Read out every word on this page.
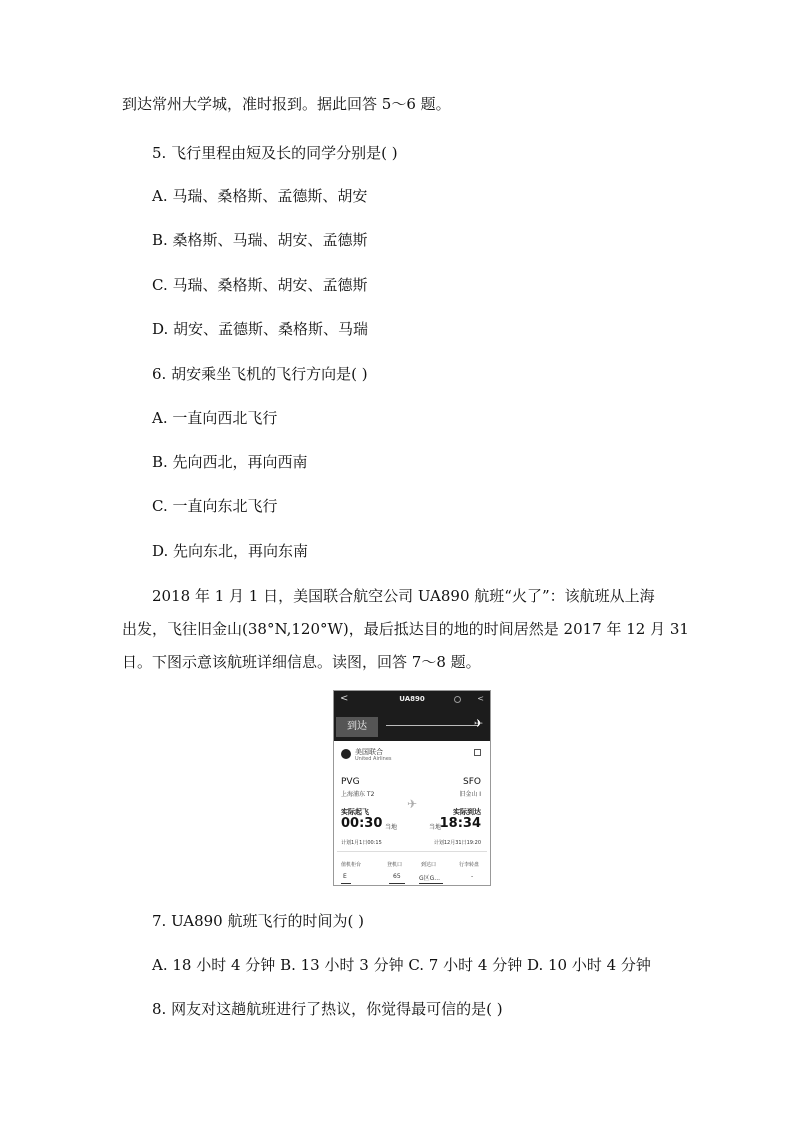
到达常州大学城，准时报到。据此回答 5～6 题。
5. 飞行里程由短及长的同学分别是( )
A. 马瑞、桑格斯、孟德斯、胡安
B. 桑格斯、马瑞、胡安、孟德斯
C. 马瑞、桑格斯、胡安、孟德斯
D. 胡安、孟德斯、桑格斯、马瑞
6. 胡安乘坐飞机的飞行方向是( )
A. 一直向西北飞行
B. 先向西北，再向西南
C. 一直向东北飞行
D. 先向东北，再向东南
2018 年 1 月 1 日，美国联合航空公司 UA890 航班“火了”：该航班从上海
出发，飞往旧金山(38°N,120°W)，最后抵达目的地的时间居然是 2017 年 12 月 31
日。下图示意该航班详细信息。读图，回答 7～8 题。
<	UA890	<
到达	✈
美国联合
United Airlines
PVG
上海浦东 T2
SFO
旧金山 I
✈
实际起飞
00:30 当地
实际到达
当地
18:34
计划1月1日00:15	计划12月31日19:20
值机柜台
E
登机口
65
到达口
G区G...
行李转盘
-
7. UA890 航班飞行的时间为( )
A. 18 小时 4 分钟 B. 13 小时 3 分钟 C. 7 小时 4 分钟 D. 10 小时 4 分钟
8. 网友对这趟航班进行了热议，你觉得最可信的是( )
